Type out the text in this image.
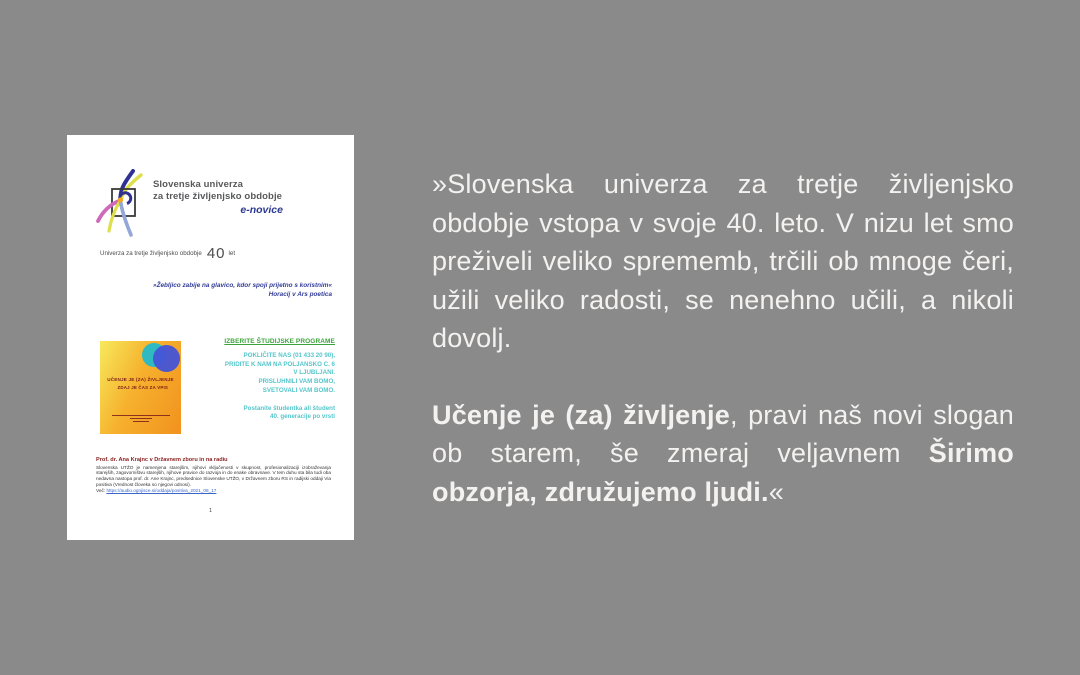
Slovenska univerza
za tretje življenjsko obdobje
e-novice
Univerza za tretje življenjsko obdobje 40 let
»Žebljico zabije na glavico, kdor spoji prijetno s koristnim«
Horacij v Ars poetica
UČENJE JE (ZA) ŽIVLJENJE
ZDAJ JE ČAS ZA VPIS
IZBERITE ŠTUDIJSKE PROGRAME
POKLIČITE NAS (01 433 20 90),
PRIDITE K NAM NA POLJANSKO C. 6
V LJUBLJANI.
PRISLUHNILI VAM BOMO,
SVETOVALI VAM BOMO.
Postanite študentka ali študent
40. generacije po vrsti
Prof. dr. Ana Krajnc v Državnem zboru in na radiu
Slovenska UTŽO je namenjena starejšim, njihovi vključenosti v skupnost, profesionalizaciji izobraževanja starejših, zagovorništvu starejših, njihove pravice do razvoja in do enake obravnave. V tem duhu sta bila tudi oba nedavna nastopa prof. dr. Ane Krajnc, predsednice Slovenske UTŽO, v Državnem zboru RS in radijski oddaji Via positiva (Vrednost človeka so njegovi odnosi).
Več: https://audio.ognjisce.si/oddaja/positiva_2021_08_17
1
»Slovenska univerza za tretje življenjsko obdobje vstopa v svoje 40. leto. V nizu let smo preživeli veliko sprememb, trčili ob mnoge čeri, užili veliko radosti, se nenehno učili, a nikoli dovolj.
Učenje je (za) življenje, pravi naš novi slogan ob starem, še zmeraj veljavnem Širimo obzorja, združujemo ljudi.«
